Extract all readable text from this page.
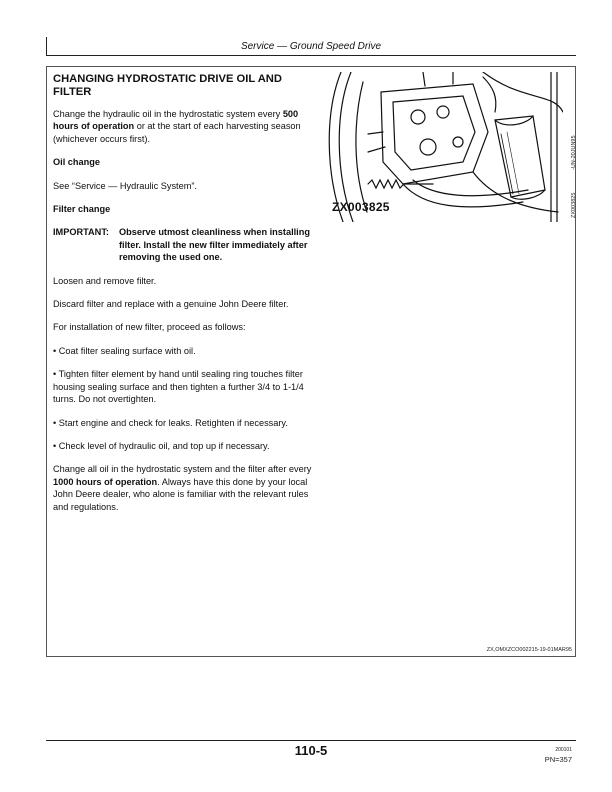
Service — Ground Speed Drive
CHANGING HYDROSTATIC DRIVE OIL AND FILTER
Change the hydraulic oil in the hydrostatic system every 500 hours of operation or at the start of each harvesting season (whichever occurs first).
Oil change
See “Service — Hydraulic System”.
Filter change
IMPORTANT:	Observe utmost cleanliness when installing filter. Install the new filter immediately after removing the used one.
Loosen and remove filter.
Discard filter and replace with a genuine John Deere filter.
For installation of new filter, proceed as follows:
• Coat filter sealing surface with oil.
• Tighten filter element by hand until sealing ring touches filter housing sealing surface and then tighten a further 3/4 to 1-1/4 turns. Do not overtighten.
• Start engine and check for leaks. Retighten if necessary.
• Check level of hydraulic oil, and top up if necessary.
Change all oil in the hydrostatic system and the filter after every 1000 hours of operation. Always have this done by your local John Deere dealer, who alone is familiar with the relevant rules and regulations.
ZX003825
-UN-20JUN95
ZX003825
ZX,OMXZCO002215-19-01MAR95
110-5	200101
PN=357
